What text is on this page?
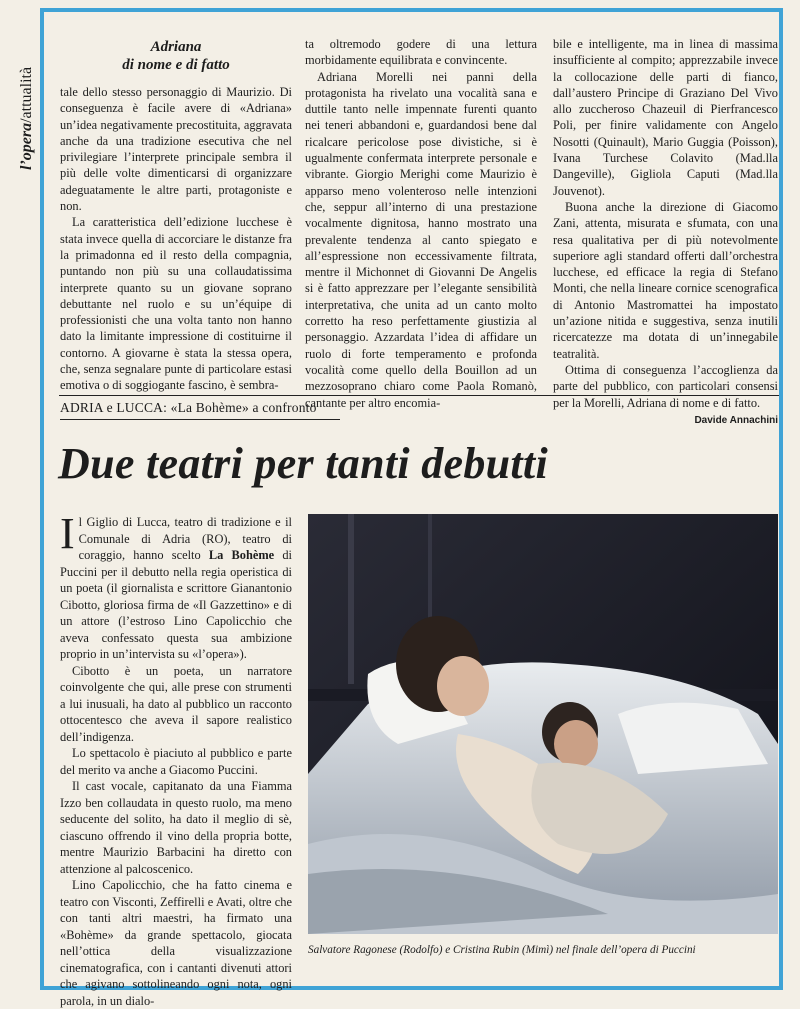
l’opera/attualità
Adriana
di nome e di fatto

tale dello stesso personaggio di Maurizio. Di conseguenza è facile avere di «Adriana» un’idea negativamente precostituita, aggravata anche da una tradizione esecutiva che nel privilegiare l’interprete principale sembra il più delle volte dimenticarsi di organizzare adeguatamente le altre parti, protagoniste e non.

La caratteristica dell’edizione lucchese è stata invece quella di accorciare le distanze fra la primadonna ed il resto della compagnia, puntando non più su una collaudatissima interprete quanto su un giovane soprano debuttante nel ruolo e su un’équipe di professionisti che una volta tanto non hanno dato la limitante impressione di costituirne il contorno. A giovarne è stata la stessa opera, che, senza segnalare punte di particolare estasi emotiva o di soggiogante fascino, è sembra-

ta oltremodo godere di una lettura morbidamente equilibrata e convincente.

Adriana Morelli nei panni della protagonista ha rivelato una vocalità sana e duttile tanto nelle impennate furenti quanto nei teneri abbandoni e, guardandosi bene dal ricalcare pericolose pose divistiche, si è ugualmente confermata interprete personale e vibrante. Giorgio Merighi come Maurizio è apparso meno volenteroso nelle intenzioni che, seppur all’interno di una prestazione vocalmente dignitosa, hanno mostrato una prevalente tendenza al canto spiegato e all’espressione non eccessivamente filtrata, mentre il Michonnet di Giovanni De Angelis si è fatto apprezzare per l’elegante sensibilità interpretativa, che unita ad un canto molto corretto ha reso perfettamente giustizia al personaggio. Azzardata l’idea di affidare un ruolo di forte temperamento e profonda vocalità come quello della Bouillon ad un mezzosoprano chiaro come Paola Romanò, cantante per altro encomia-

bile e intelligente, ma in linea di massima insufficiente al compito; apprezzabile invece la collocazione delle parti di fianco, dall’austero Principe di Graziano Del Vivo allo zuccheroso Chazeuil di Pierfrancesco Poli, per finire validamente con Angelo Nosotti (Quinault), Mario Guggia (Poisson), Ivana Turchese Colavito (Mad.lla Dangeville), Gigliola Caputi (Mad.lla Jouvenot).

Buona anche la direzione di Giacomo Zani, attenta, misurata e sfumata, con una resa qualitativa per di più notevolmente superiore agli standard offerti dall’orchestra lucchese, ed efficace la regia di Stefano Monti, che nella lineare cornice scenografica di Antonio Mastromattei ha impostato un’azione nitida e suggestiva, senza inutili ricercatezze ma dotata di un’innegabile teatralità.

Ottima di conseguenza l’accoglienza da parte del pubblico, con particolari consensi per la Morelli, Adriana di nome e di fatto.

Davide Annachini
ADRIA e LUCCA: «La Bohème» a confronto
Due teatri per tanti debutti

Il Giglio di Lucca, teatro di tradizione e il Comunale di Adria (RO), teatro di coraggio, hanno scelto La Bohème di Puccini per il debutto nella regia operistica di un poeta (il giornalista e scrittore Gianantonio Cibotto, gloriosa firma de «Il Gazzettino» e di un attore (l’estroso Lino Capolicchio che aveva confessato questa sua ambizione proprio in un’intervista su «l’opera»).

Cibotto è un poeta, un narratore coinvolgente che qui, alle prese con strumenti a lui inusuali, ha dato al pubblico un racconto ottocentesco che aveva il sapore realistico dell’indigenza.

Lo spettacolo è piaciuto al pubblico e parte del merito va anche a Giacomo Puccini.

Il cast vocale, capitanato da una Fiamma Izzo ben collaudata in questo ruolo, ma meno seducente del solito, ha dato il meglio di sè, ciascuno offrendo il vino della propria botte, mentre Maurizio Barbacini ha diretto con attenzione al palcoscenico.

Lino Capolicchio, che ha fatto cinema e teatro con Visconti, Zeffirelli e Avati, oltre che con tanti altri maestri, ha firmato una «Bohème» da grande spettacolo, giocata nell’ottica della visualizzazione cinematografica, con i cantanti divenuti attori che agivano sottolineando ogni nota, ogni parola, in un dialo-

Salvatore Ragonese (Rodolfo) e Cristina Rubin (Mimì) nel finale dell’opera di Puccini
